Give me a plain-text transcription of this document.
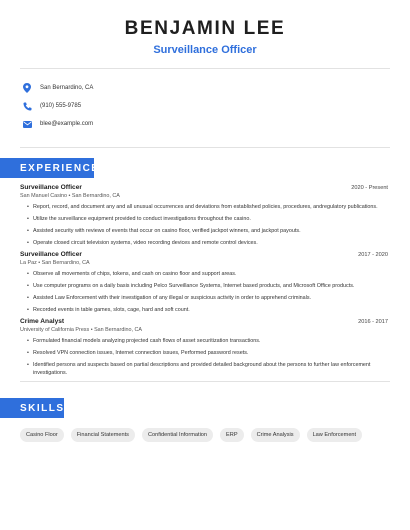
BENJAMIN LEE
Surveillance Officer
San Bernardino, CA
(910) 555-9785
blee@example.com
EXPERIENCE
Surveillance Officer	2020 - Present
San Manuel Casino • San Bernardino, CA
• Report, record, and document any and all unusual occurrences and deviations from established policies, procedures, andregulatory publications.
• Utilize the surveillance equipment provided to conduct investigations throughout the casino.
• Assisted security with reviews of events that occur on casino floor, verified jackpot winners, and jackpot payouts.
• Operate closed circuit television systems, video recording devices and remote control devices.
Surveillance Officer	2017 - 2020
La Paz • San Bernardino, CA
• Observe all movements of chips, tokens, and cash on casino floor and support areas.
• Use computer programs on a daily basis including Pelco Surveillance Systems, Internet based products, and Microsoft Office products.
• Assisted Law Enforcement with their investigation of any illegal or suspicious activity in order to apprehend criminals.
• Recorded events in table games, slots, cage, hard and soft count.
Crime Analyst	2016 - 2017
University of California Press • San Bernardino, CA
• Formulated financial models analyzing projected cash flows of asset securitization transactions.
• Resolved VPN connection issues, Internet connection issues, Performed password resets.
• Identified persons and suspects based on partial descriptions and provided detailed background about the persons to further law enforcement investigations.
SKILLS
Casino Floor	Financial Statements	Confidential Information	ERP	Crime Analysis	Law Enforcement
